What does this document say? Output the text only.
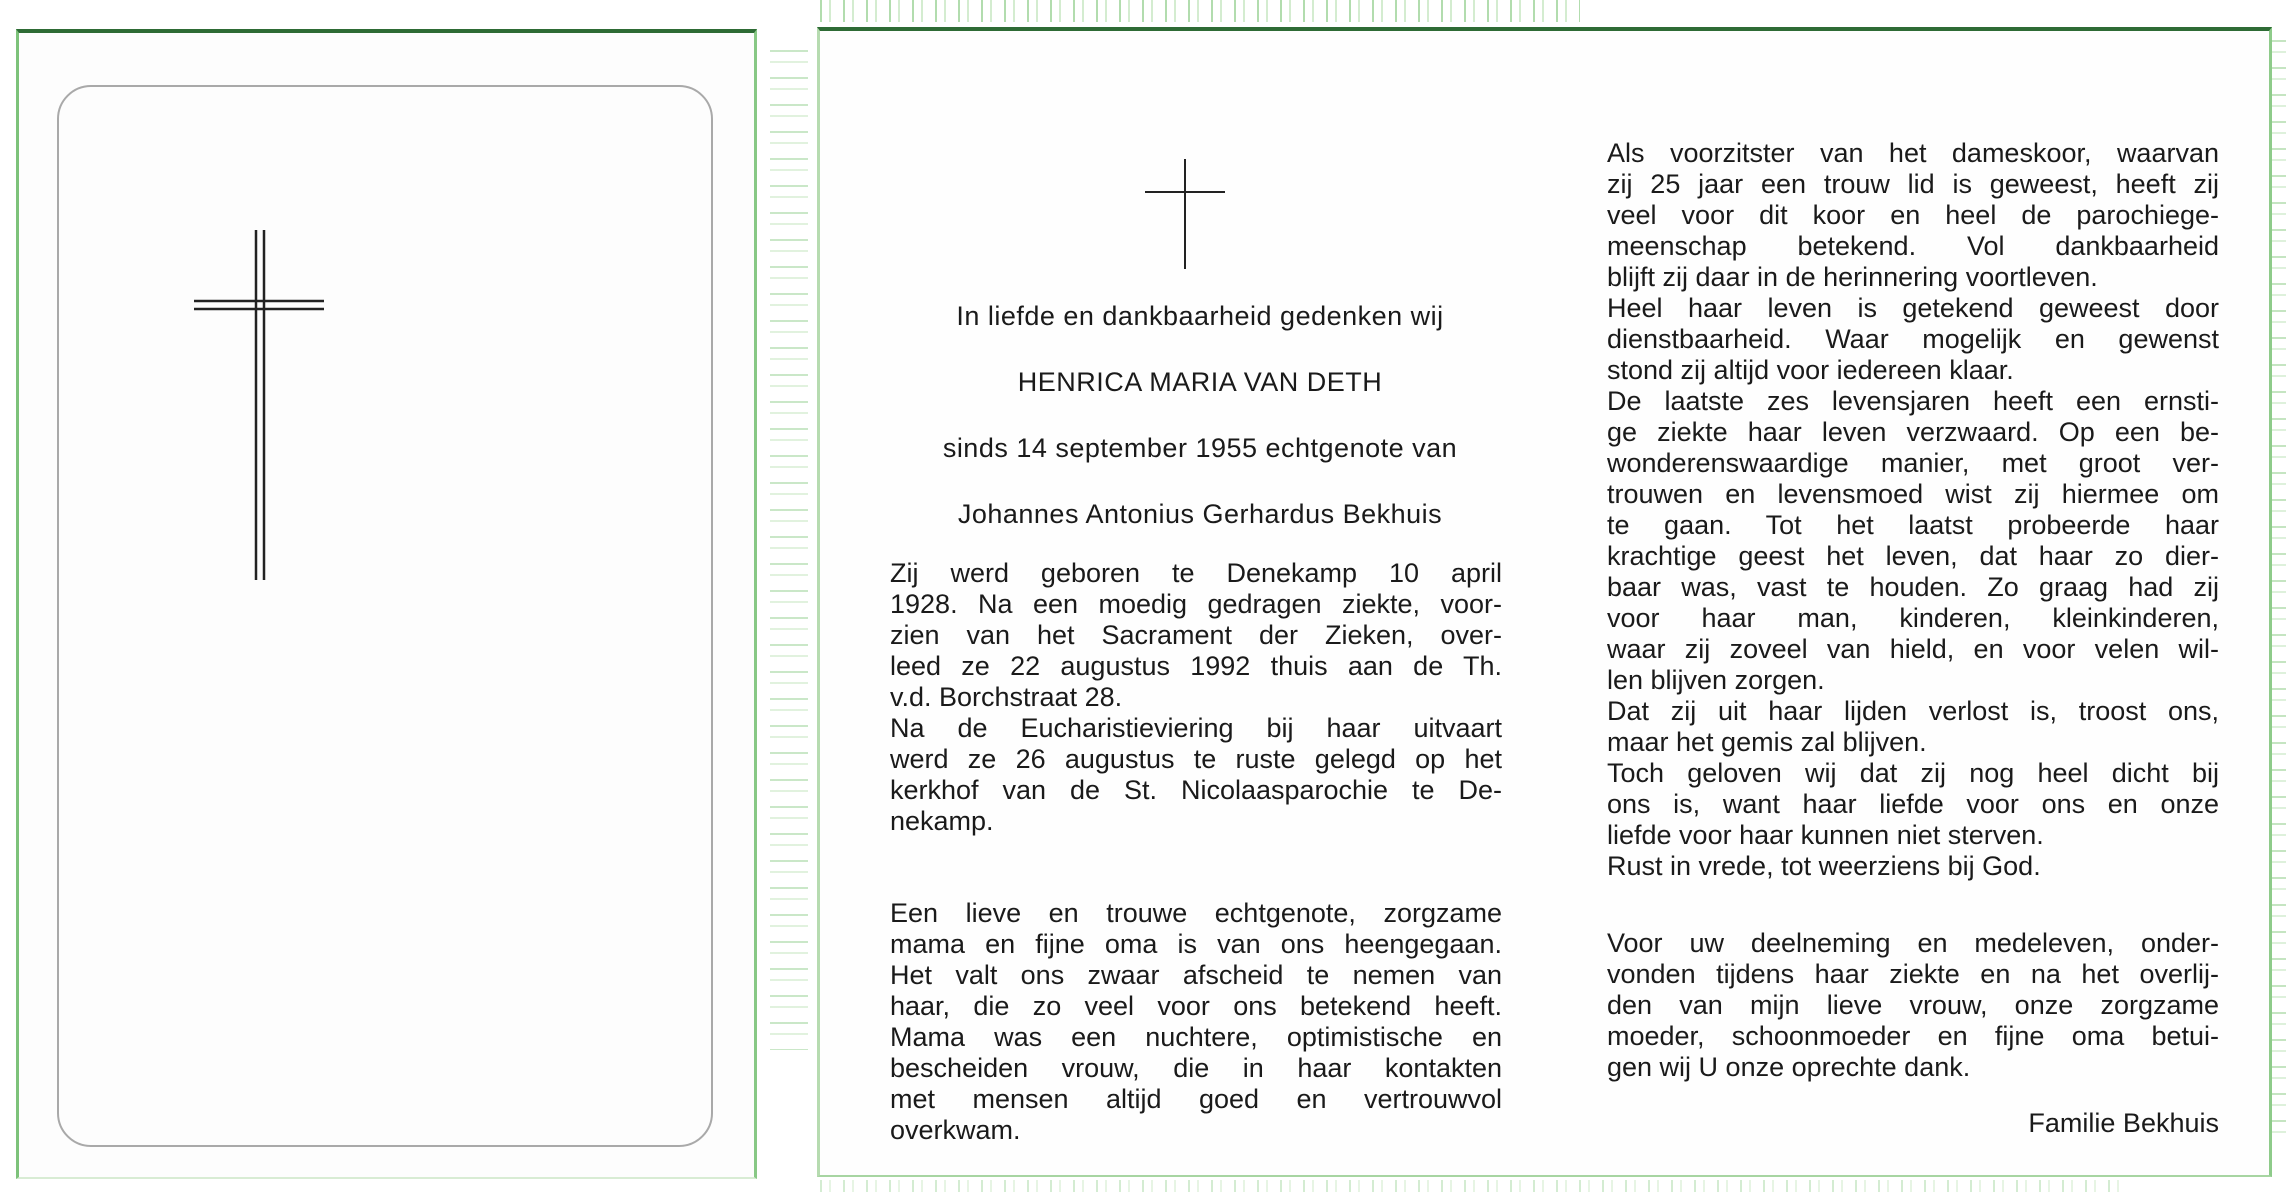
In liefde en dankbaarheid gedenken wij
HENRICA MARIA VAN DETH
sinds 14 september 1955 echtgenote van
Johannes Antonius Gerhardus Bekhuis
Zij werd geboren te Denekamp 10 april
1928. Na een moedig gedragen ziekte, voor-
zien van het Sacrament der Zieken, over-
leed ze 22 augustus 1992 thuis aan de Th.
v.d. Borchstraat 28.
Na de Eucharistieviering bij haar uitvaart
werd ze 26 augustus te ruste gelegd op het
kerkhof van de St. Nicolaasparochie te De-
nekamp.
Een lieve en trouwe echtgenote, zorgzame
mama en fijne oma is van ons heengegaan.
Het valt ons zwaar afscheid te nemen van
haar, die zo veel voor ons betekend heeft.
Mama was een nuchtere, optimistische en
bescheiden vrouw, die in haar kontakten
met mensen altijd goed en vertrouwvol
overkwam.
Als voorzitster van het dameskoor, waarvan
zij 25 jaar een trouw lid is geweest, heeft zij
veel voor dit koor en heel de parochiege-
meenschap betekend. Vol dankbaarheid
blijft zij daar in de herinnering voortleven.
Heel haar leven is getekend geweest door
dienstbaarheid. Waar mogelijk en gewenst
stond zij altijd voor iedereen klaar.
De laatste zes levensjaren heeft een ernsti-
ge ziekte haar leven verzwaard. Op een be-
wonderenswaardige manier, met groot ver-
trouwen en levensmoed wist zij hiermee om
te gaan. Tot het laatst probeerde haar
krachtige geest het leven, dat haar zo dier-
baar was, vast te houden. Zo graag had zij
voor haar man, kinderen, kleinkinderen,
waar zij zoveel van hield, en voor velen wil-
len blijven zorgen.
Dat zij uit haar lijden verlost is, troost ons,
maar het gemis zal blijven.
Toch geloven wij dat zij nog heel dicht bij
ons is, want haar liefde voor ons en onze
liefde voor haar kunnen niet sterven.
Rust in vrede, tot weerziens bij God.
Voor uw deelneming en medeleven, onder-
vonden tijdens haar ziekte en na het overlij-
den van mijn lieve vrouw, onze zorgzame
moeder, schoonmoeder en fijne oma betui-
gen wij U onze oprechte dank.
Familie Bekhuis
